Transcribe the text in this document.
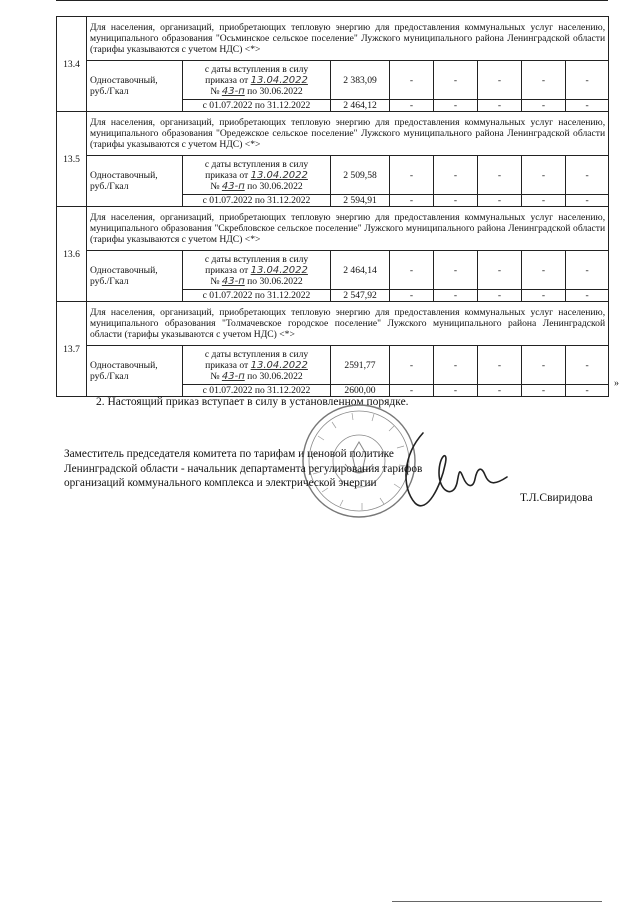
13.4	Для населения, организаций, приобретающих тепловую энергию для предоставления коммунальных услуг населению, муниципального образования "Осьминское сельское поселение" Лужского муниципального района Ленинградской области (тарифы указываются с учетом НДС) <*>							
	Одноставочный, руб./Гкал	с даты вступления в силу
приказа от 13.04.2022
№ 43-п по 30.06.2022	2 383,09	-	-	-	-	-
		с 01.07.2022 по 31.12.2022	2 464,12	-	-	-	-	-
13.5	Для населения, организаций, приобретающих тепловую энергию для предоставления коммунальных услуг населению, муниципального образования "Оредежское сельское поселение" Лужского муниципального района Ленинградской области (тарифы указываются с учетом НДС) <*>							
	Одноставочный, руб./Гкал	с даты вступления в силу
приказа от 13.04.2022
№ 43-п по 30.06.2022	2 509,58	-	-	-	-	-
		с 01.07.2022 по 31.12.2022	2 594,91	-	-	-	-	-
13.6	Для населения, организаций, приобретающих тепловую энергию для предоставления коммунальных услуг населению, муниципального образования "Скребловское сельское поселение" Лужского муниципального района Ленинградской области (тарифы указываются с учетом НДС) <*>							
	Одноставочный, руб./Гкал	с даты вступления в силу
приказа от 13.04.2022
№ 43-п по 30.06.2022	2 464,14	-	-	-	-	-
		с 01.07.2022 по 31.12.2022	2 547,92	-	-	-	-	-
13.7	Для населения, организаций, приобретающих тепловую энергию для предоставления коммунальных услуг населению, муниципального образования "Толмачевское городское поселение" Лужского муниципального района Ленинградской области (тарифы указываются с учетом НДС) <*>							
	Одноставочный, руб./Гкал	с даты вступления в силу
приказа от 13.04.2022
№ 43-п по 30.06.2022	2591,77	-	-	-	-	-
		с 01.07.2022 по 31.12.2022	2600,00	-	-	-	-	-
»
2. Настоящий приказ вступает в силу в установленном порядке.
Заместитель председателя комитета по тарифам и ценовой политике Ленинградской области - начальник департамента регулирования тарифов организаций коммунального комплекса и электрической энергии
Т.Л.Свиридова
